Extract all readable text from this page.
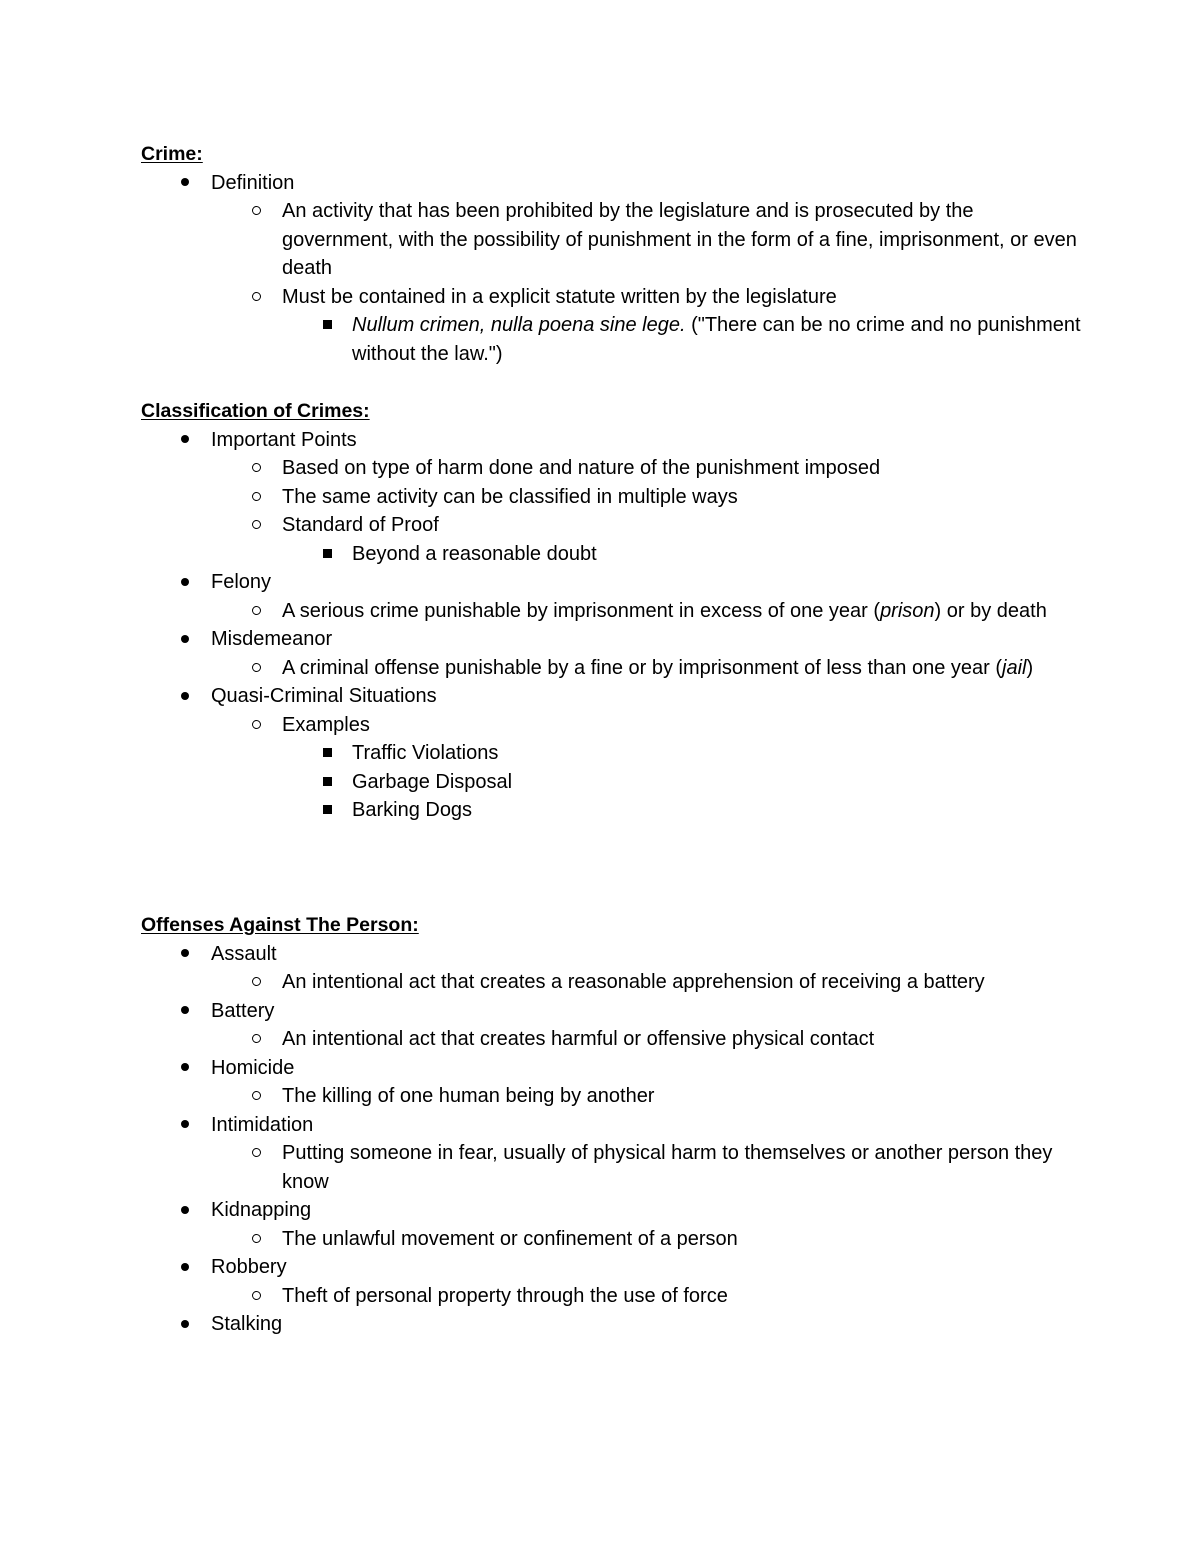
Crime:
Definition
An activity that has been prohibited by the legislature and is prosecuted by the government, with the possibility of punishment in the form of a fine, imprisonment, or even death
Must be contained in a explicit statute written by the legislature
Nullum crimen, nulla poena sine lege. ("There can be no crime and no punishment without the law.")
Classification of Crimes:
Important Points
Based on type of harm done and nature of the punishment imposed
The same activity can be classified in multiple ways
Standard of Proof
Beyond a reasonable doubt
Felony
A serious crime punishable by imprisonment in excess of one year (prison) or by death
Misdemeanor
A criminal offense punishable by a fine or by imprisonment of less than one year (jail)
Quasi-Criminal Situations
Examples
Traffic Violations
Garbage Disposal
Barking Dogs
Offenses Against The Person:
Assault
An intentional act that creates a reasonable apprehension of receiving a battery
Battery
An intentional act that creates harmful or offensive physical contact
Homicide
The killing of one human being by another
Intimidation
Putting someone in fear, usually of physical harm to themselves or another person they know
Kidnapping
The unlawful movement or confinement of a person
Robbery
Theft of personal property through the use of force
Stalking
